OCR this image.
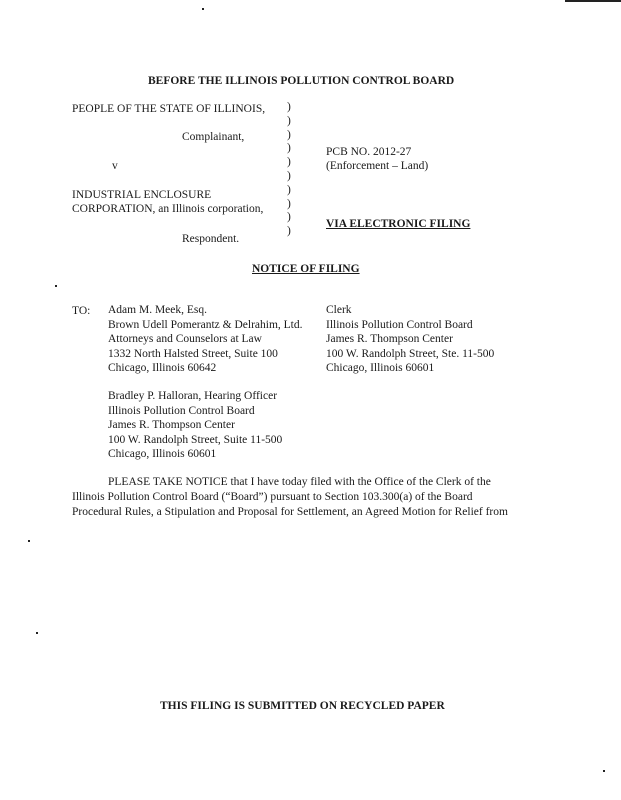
BEFORE THE ILLINOIS POLLUTION CONTROL BOARD
PEOPLE OF THE STATE OF ILLINOIS,
Complainant,
v
INDUSTRIAL ENCLOSURE
CORPORATION, an Illinois corporation,
Respondent.
)
)
)
)
)
)
)
)
)
)
PCB NO. 2012-27
(Enforcement – Land)
VIA ELECTRONIC FILING
NOTICE OF FILING
TO: Adam M. Meek, Esq.

Brown Udell Pomerantz & Delrahim, Ltd.

Attorneys and Counselors at Law

1332 North Halsted Street, Suite 100

Chicago, Illinois 60642

Clerk

Illinois Pollution Control Board

James R. Thompson Center

100 W. Randolph Street, Ste. 11-500

Chicago, Illinois 60601

Bradley P. Halloran, Hearing Officer

Illinois Pollution Control Board

James R. Thompson Center

100 W. Randolph Street, Suite 11-500

Chicago, Illinois 60601

PLEASE TAKE NOTICE that I have today filed with the Office of the Clerk of the
Illinois Pollution Control Board (“Board”) pursuant to Section 103.300(a) of the Board
Procedural Rules, a Stipulation and Proposal for Settlement, an Agreed Motion for Relief from
THIS FILING IS SUBMITTED ON RECYCLED PAPER
